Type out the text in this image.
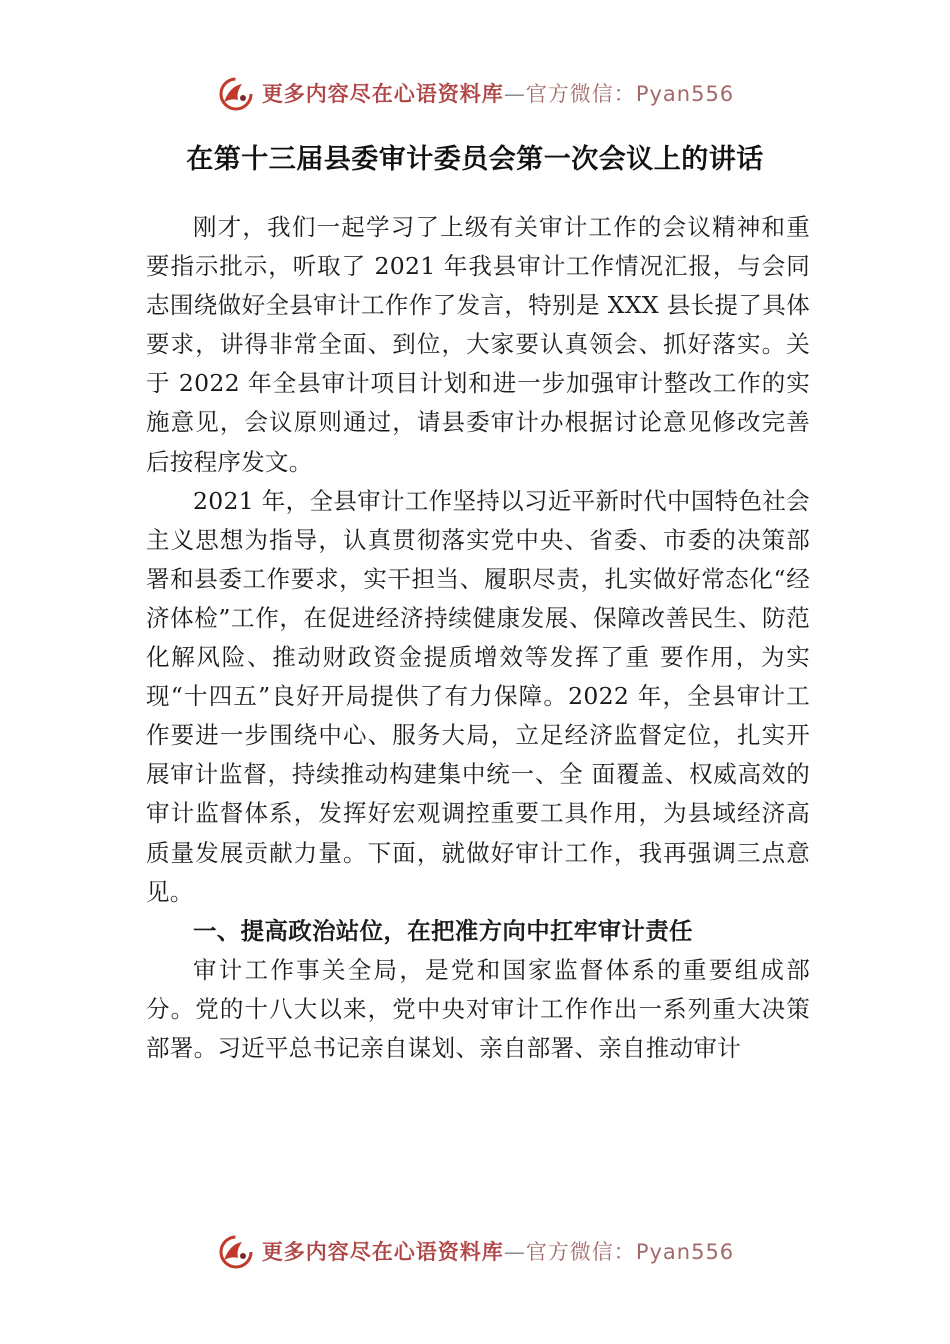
更多内容尽在心语资料库—官方微信：Pyan556
在第十三届县委审计委员会第一次会议上的讲话

刚才，我们一起学习了上级有关审计工作的会议精神和重要指示批示，听取了 2021 年我县审计工作情况汇报，与会同志围绕做好全县审计工作作了发言，特别是 XXX 县长提了具体要求，讲得非常全面、到位，大家要认真领会、抓好落实。关于 2022 年全县审计项目计划和进一步加强审计整改工作的实施意见，会议原则通过，请县委审计办根据讨论意见修改完善后按程序发文。

2021 年，全县审计工作坚持以习近平新时代中国特色社会主义思想为指导，认真贯彻落实党中央、省委、市委的决策部署和县委工作要求，实干担当、履职尽责，扎实做好常态化“经济体检”工作，在促进经济持续健康发展、保障改善民生、防范化解风险、推动财政资金提质增效等发挥了重 要作用，为实现“十四五”良好开局提供了有力保障。2022 年，全县审计工作要进一步围绕中心、服务大局，立足经济监督定位，扎实开展审计监督，持续推动构建集中统一、全 面覆盖、权威高效的审计监督体系，发挥好宏观调控重要工具作用，为县域经济高质量发展贡献力量。下面，就做好审计工作，我再强调三点意见。

一、提高政治站位，在把准方向中扛牢审计责任

审计工作事关全局，是党和国家监督体系的重要组成部分。党的十八大以来，党中央对审计工作作出一系列重大决策部署。习近平总书记亲自谋划、亲自部署、亲自推动审计

更多内容尽在心语资料库—官方微信：Pyan556
